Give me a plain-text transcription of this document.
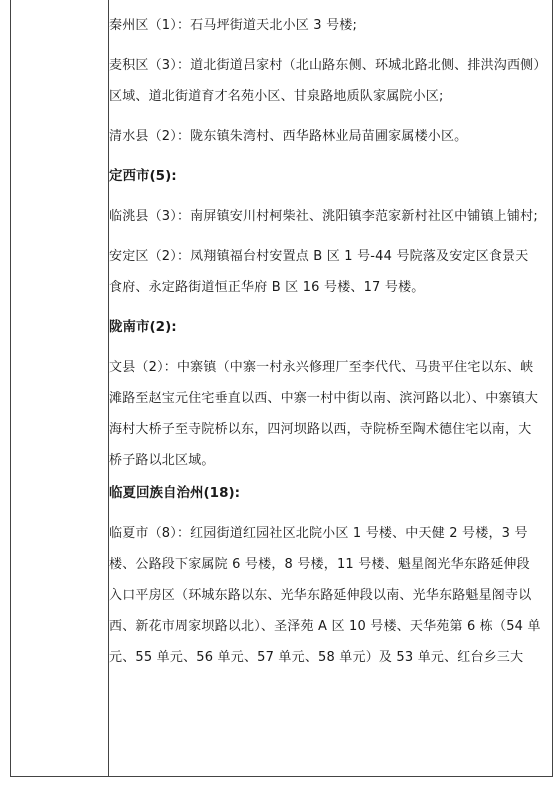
秦州区（1）：石马坪街道天北小区 3 号楼;

麦积区（3）：道北街道吕家村（北山路东侧、环城北路北侧、排洪沟西侧）区域、道北街道育才名苑小区、甘泉路地质队家属院小区;

清水县（2）：陇东镇朱湾村、西华路林业局苗圃家属楼小区。

定西市(5):

临洮县（3）：南屏镇安川村柯柴社、洮阳镇李范家新村社区中铺镇上铺村;

安定区（2）：凤翔镇福台村安置点 B 区 1 号-44 号院落及安定区食景天食府、永定路街道恒正华府 B 区 16 号楼、17 号楼。

陇南市(2):

文县（2）：中寨镇（中寨一村永兴修理厂至李代代、马贵平住宅以东、峡滩路至赵宝元住宅垂直以西、中寨一村中街以南、滨河路以北）、中寨镇大海村大桥子至寺院桥以东，四河坝路以西，寺院桥至陶术德住宅以南，大桥子路以北区域。

临夏回族自治州(18):

临夏市（8）：红园街道红园社区北院小区 1 号楼、中天健 2 号楼，3 号楼、公路段下家属院 6 号楼，8 号楼，11 号楼、魁星阁光华东路延伸段入口平房区（环城东路以东、光华东路延伸段以南、光华东路魁星阁寺以西、新花市周家坝路以北）、圣泽苑 A 区 10 号楼、天华苑第 6 栋（54 单元、55 单元、56 单元、57 单元、58 单元）及 53 单元、红台乡三大
